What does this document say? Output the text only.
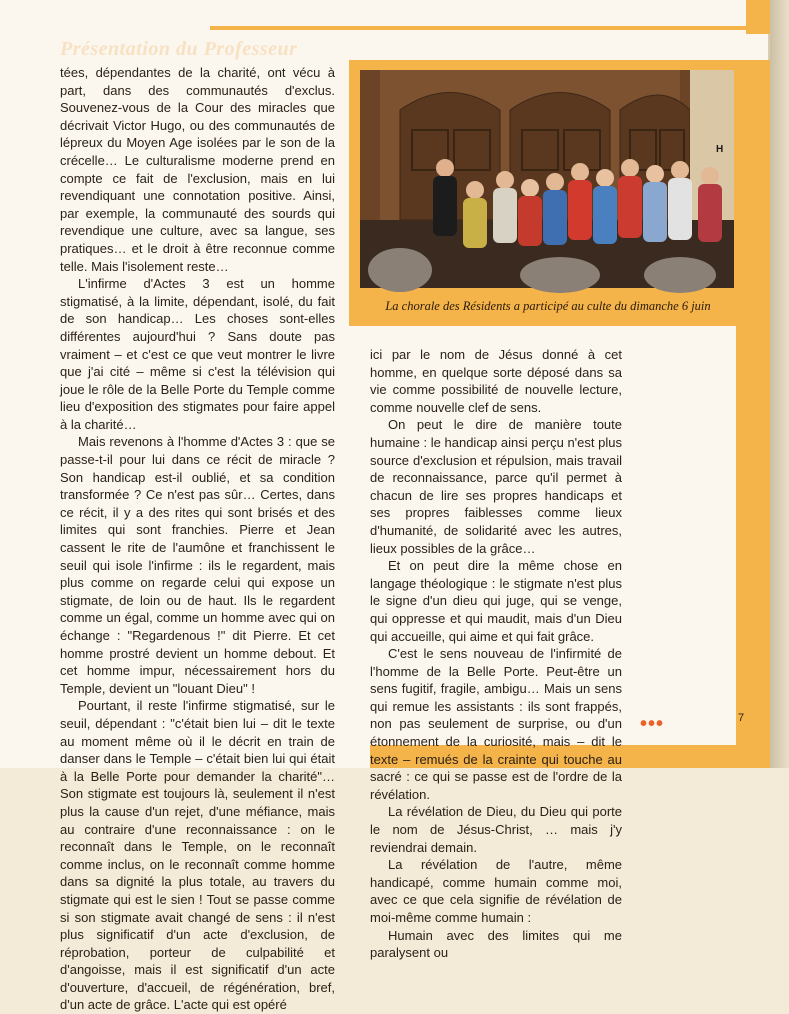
Présentation du Professeur

tées, dépendantes de la charité, ont vécu à part, dans des communautés d'exclus. Souvenez-vous de la Cour des miracles que décrivait Victor Hugo, ou des communautés de lépreux du Moyen Age isolées par le son de la crécelle… Le culturalisme moderne prend en compte ce fait de l'exclusion, mais en lui revendiquant une connotation positive. Ainsi, par exemple, la communauté des sourds qui revendique une culture, avec sa langue, ses pratiques… et le droit à être reconnue comme telle. Mais l'isolement reste…

L'infirme d'Actes 3 est un homme stigmatisé, à la limite, dépendant, isolé, du fait de son handicap… Les choses sont-elles différentes aujourd'hui ? Sans doute pas vraiment – et c'est ce que veut montrer le livre que j'ai cité – même si c'est la télévision qui joue le rôle de la Belle Porte du Temple comme lieu d'exposition des stigmates pour faire appel à la charité…

Mais revenons à l'homme d'Actes 3 : que se passe-t-il pour lui dans ce récit de miracle ? Son handicap est-il oublié, et sa condition transformée ? Ce n'est pas sûr… Certes, dans ce récit, il y a des rites qui sont brisés et des limites qui sont franchies. Pierre et Jean cassent le rite de l'aumône et franchissent le seuil qui isole l'infirme : ils le regardent, mais plus comme on regarde celui qui expose un stigmate, de loin ou de haut. Ils le regardent comme un égal, comme un homme avec qui on échange : "Regardenous !" dit Pierre. Et cet homme prostré devient un homme debout. Et cet homme impur, nécessairement hors du Temple, devient un "louant Dieu" !

Pourtant, il reste l'infirme stigmatisé, sur le seuil, dépendant : "c'était bien lui – dit le texte au moment même où il le décrit en train de danser dans le Temple – c'était bien lui qui était à la Belle Porte pour demander la charité"… Son stigmate est toujours là, seulement il n'est plus la cause d'un rejet, d'une méfiance, mais au contraire d'une reconnaissance : on le reconnaît dans le Temple, on le reconnaît comme inclus, on le reconnaît comme homme dans sa dignité la plus totale, au travers du stigmate qui est le sien ! Tout se passe comme si son stigmate avait changé de sens : il n'est plus significatif d'un acte d'exclusion, de réprobation, porteur de culpabilité et d'angoisse, mais il est significatif d'un acte d'ouverture, d'accueil, de régénération, bref, d'un acte de grâce. L'acte qui est opéré

H
La chorale des Résidents a participé au culte du dimanche 6 juin

ici par le nom de Jésus donné à cet homme, en quelque sorte déposé dans sa vie comme possibilité de nouvelle lecture, comme nouvelle clef de sens.

On peut le dire de manière toute humaine : le handicap ainsi perçu n'est plus source d'exclusion et répulsion, mais travail de reconnaissance, parce qu'il permet à chacun de lire ses propres handicaps et ses propres faiblesses comme lieux d'humanité, de solidarité avec les autres, lieux possibles de la grâce…

Et on peut dire la même chose en langage théologique : le stigmate n'est plus le signe d'un dieu qui juge, qui se venge, qui oppresse et qui maudit, mais d'un Dieu qui accueille, qui aime et qui fait grâce.

C'est le sens nouveau de l'infirmité de l'homme de la Belle Porte. Peut-être un sens fugitif, fragile, ambigu… Mais un sens qui remue les assistants : ils sont frappés, non pas seulement de surprise, ou d'un étonnement de la curiosité, mais – dit le texte – remués de la crainte qui touche au sacré : ce qui se passe est de l'ordre de la révélation.

La révélation de Dieu, du Dieu qui porte le nom de Jésus-Christ, … mais j'y reviendrai demain.

La révélation de l'autre, même handicapé, comme humain comme moi, avec ce que cela signifie de révélation de moi-même comme humain :

Humain avec des limites qui me paralysent ou

•••	7
